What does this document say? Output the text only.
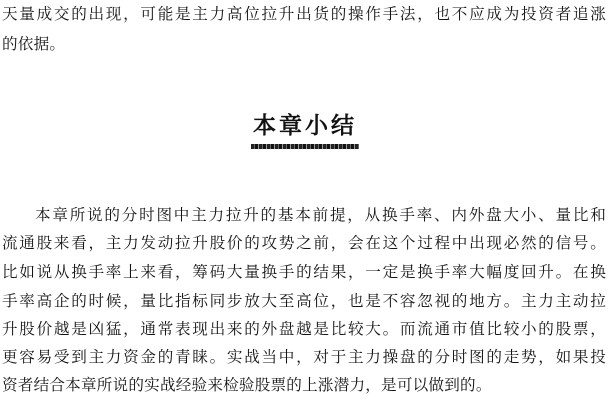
天量成交的出现，可能是主力高位拉升出货的操作手法，也不应成为投资者追涨
的依据。
本章小结
本章所说的分时图中主力拉升的基本前提，从换手率、内外盘大小、量比和
流通股来看，主力发动拉升股价的攻势之前，会在这个过程中出现必然的信号。
比如说从换手率上来看，筹码大量换手的结果，一定是换手率大幅度回升。在换
手率高企的时候，量比指标同步放大至高位，也是不容忽视的地方。主力主动拉
升股价越是凶猛，通常表现出来的外盘越是比较大。而流通市值比较小的股票，
更容易受到主力资金的青睐。实战当中，对于主力操盘的分时图的走势，如果投
资者结合本章所说的实战经验来检验股票的上涨潜力，是可以做到的。
